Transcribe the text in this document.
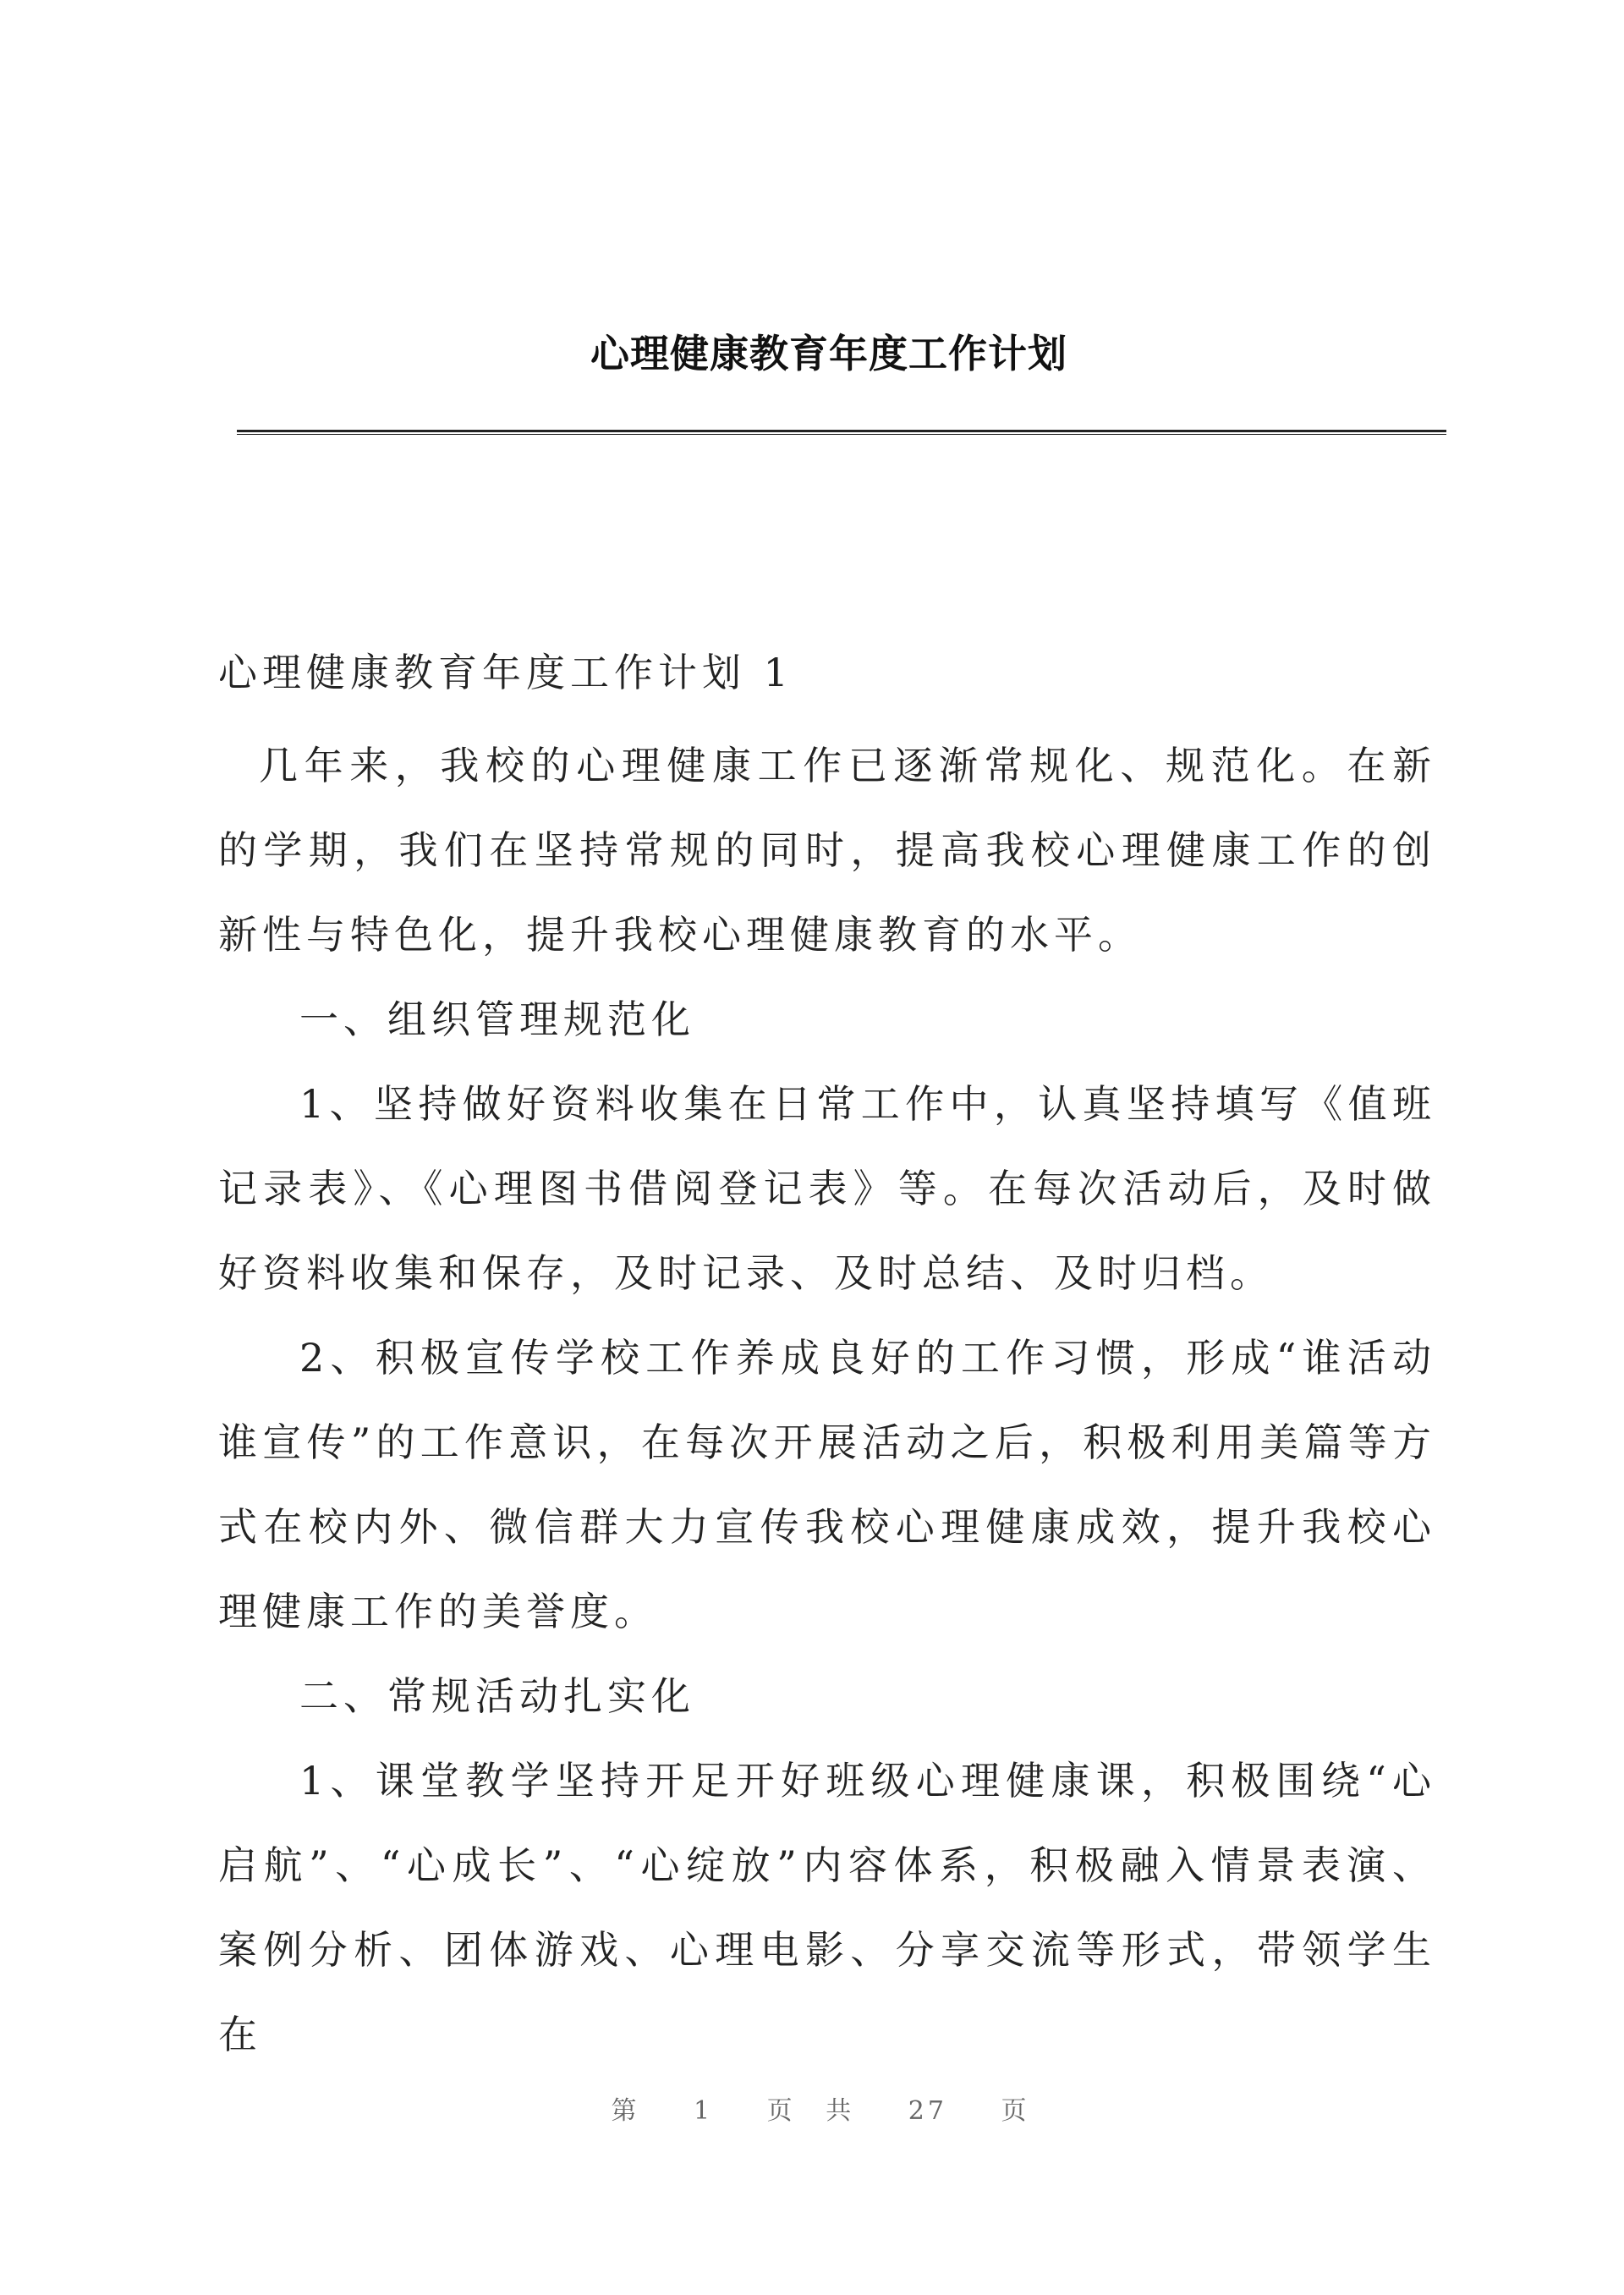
心理健康教育年度工作计划

心理健康教育年度工作计划 1

几年来，我校的心理健康工作已逐渐常规化、规范化。在新的学期，我们在坚持常规的同时，提高我校心理健康工作的创新性与特色化，提升我校心理健康教育的水平。

一、组织管理规范化

1、坚持做好资料收集在日常工作中，认真坚持填写《值班记录表》、《心理图书借阅登记表》等。在每次活动后，及时做好资料收集和保存，及时记录、及时总结、及时归档。

2、积极宣传学校工作养成良好的工作习惯，形成“谁活动谁宣传”的工作意识，在每次开展活动之后，积极利用美篇等方式在校内外、微信群大力宣传我校心理健康成效，提升我校心理健康工作的美誉度。

二、常规活动扎实化

1、课堂教学坚持开足开好班级心理健康课，积极围绕“心启航”、“心成长”、“心绽放”内容体系，积极融入情景表演、案例分析、团体游戏、心理电影、分享交流等形式，带领学生在

第 1 页 共 27 页
